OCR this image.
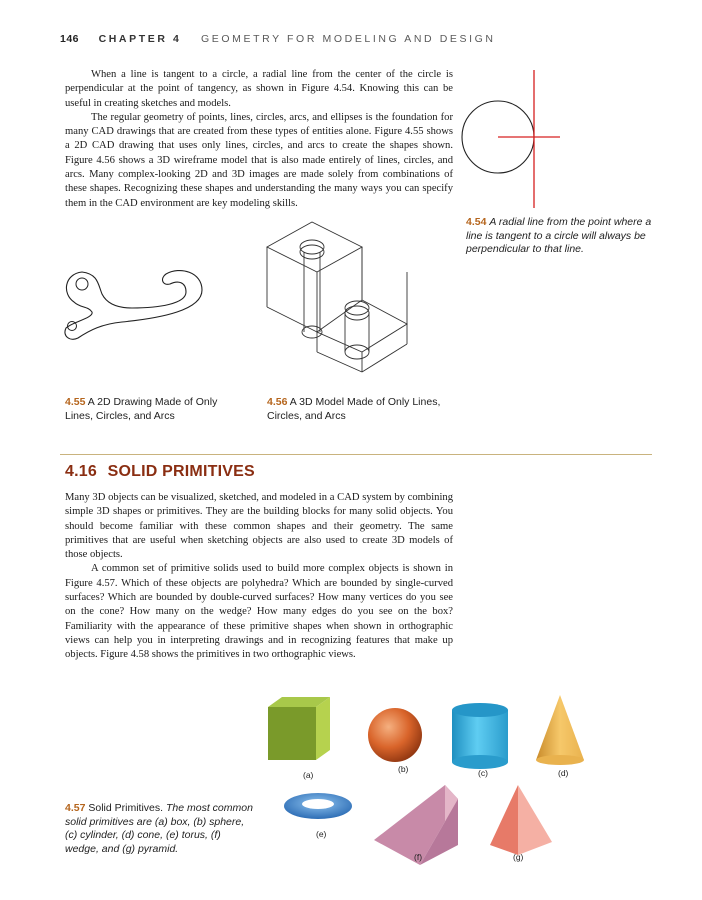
146 CHAPTER 4 GEOMETRY FOR MODELING AND DESIGN

When a line is tangent to a circle, a radial line from the center of the circle is perpendicular at the point of tangency, as shown in Figure 4.54. Knowing this can be useful in creating sketches and models.

The regular geometry of points, lines, circles, arcs, and ellipses is the foundation for many CAD drawings that are created from these types of entities alone. Figure 4.55 shows a 2D CAD drawing that uses only lines, circles, and arcs to create the shapes shown. Figure 4.56 shows a 3D wireframe model that is also made entirely of lines, circles, and arcs. Many complex-looking 2D and 3D images are made solely from combinations of these shapes. Recognizing these shapes and understanding the many ways you can specify them in the CAD environment are key modeling skills.

4.54 A radial line from the point where a line is tangent to a circle will always be perpendicular to that line.
4.55 A 2D Drawing Made of Only Lines, Circles, and Arcs
4.56 A 3D Model Made of Only Lines, Circles, and Arcs
4.16 SOLID PRIMITIVES

Many 3D objects can be visualized, sketched, and modeled in a CAD system by combining simple 3D shapes or primitives. They are the building blocks for many solid objects. You should become familiar with these common shapes and their geometry. The same primitives that are useful when sketching objects are also used to create 3D models of those objects.

A common set of primitive solids used to build more complex objects is shown in Figure 4.57. Which of these objects are polyhedra? Which are bounded by single-curved surfaces? Which are bounded by double-curved surfaces? How many vertices do you see on the cone? How many on the wedge? How many edges do you see on the box? Familiarity with the appearance of these primitive shapes when shown in orthographic views can help you in interpreting drawings and in recognizing features that make up objects. Figure 4.58 shows the primitives in two orthographic views.

(a)
(b)	(c)	(d)
(e)
(f)	(g)
4.57 Solid Primitives. The most common solid primitives are (a) box, (b) sphere, (c) cylinder, (d) cone, (e) torus, (f) wedge, and (g) pyramid.
